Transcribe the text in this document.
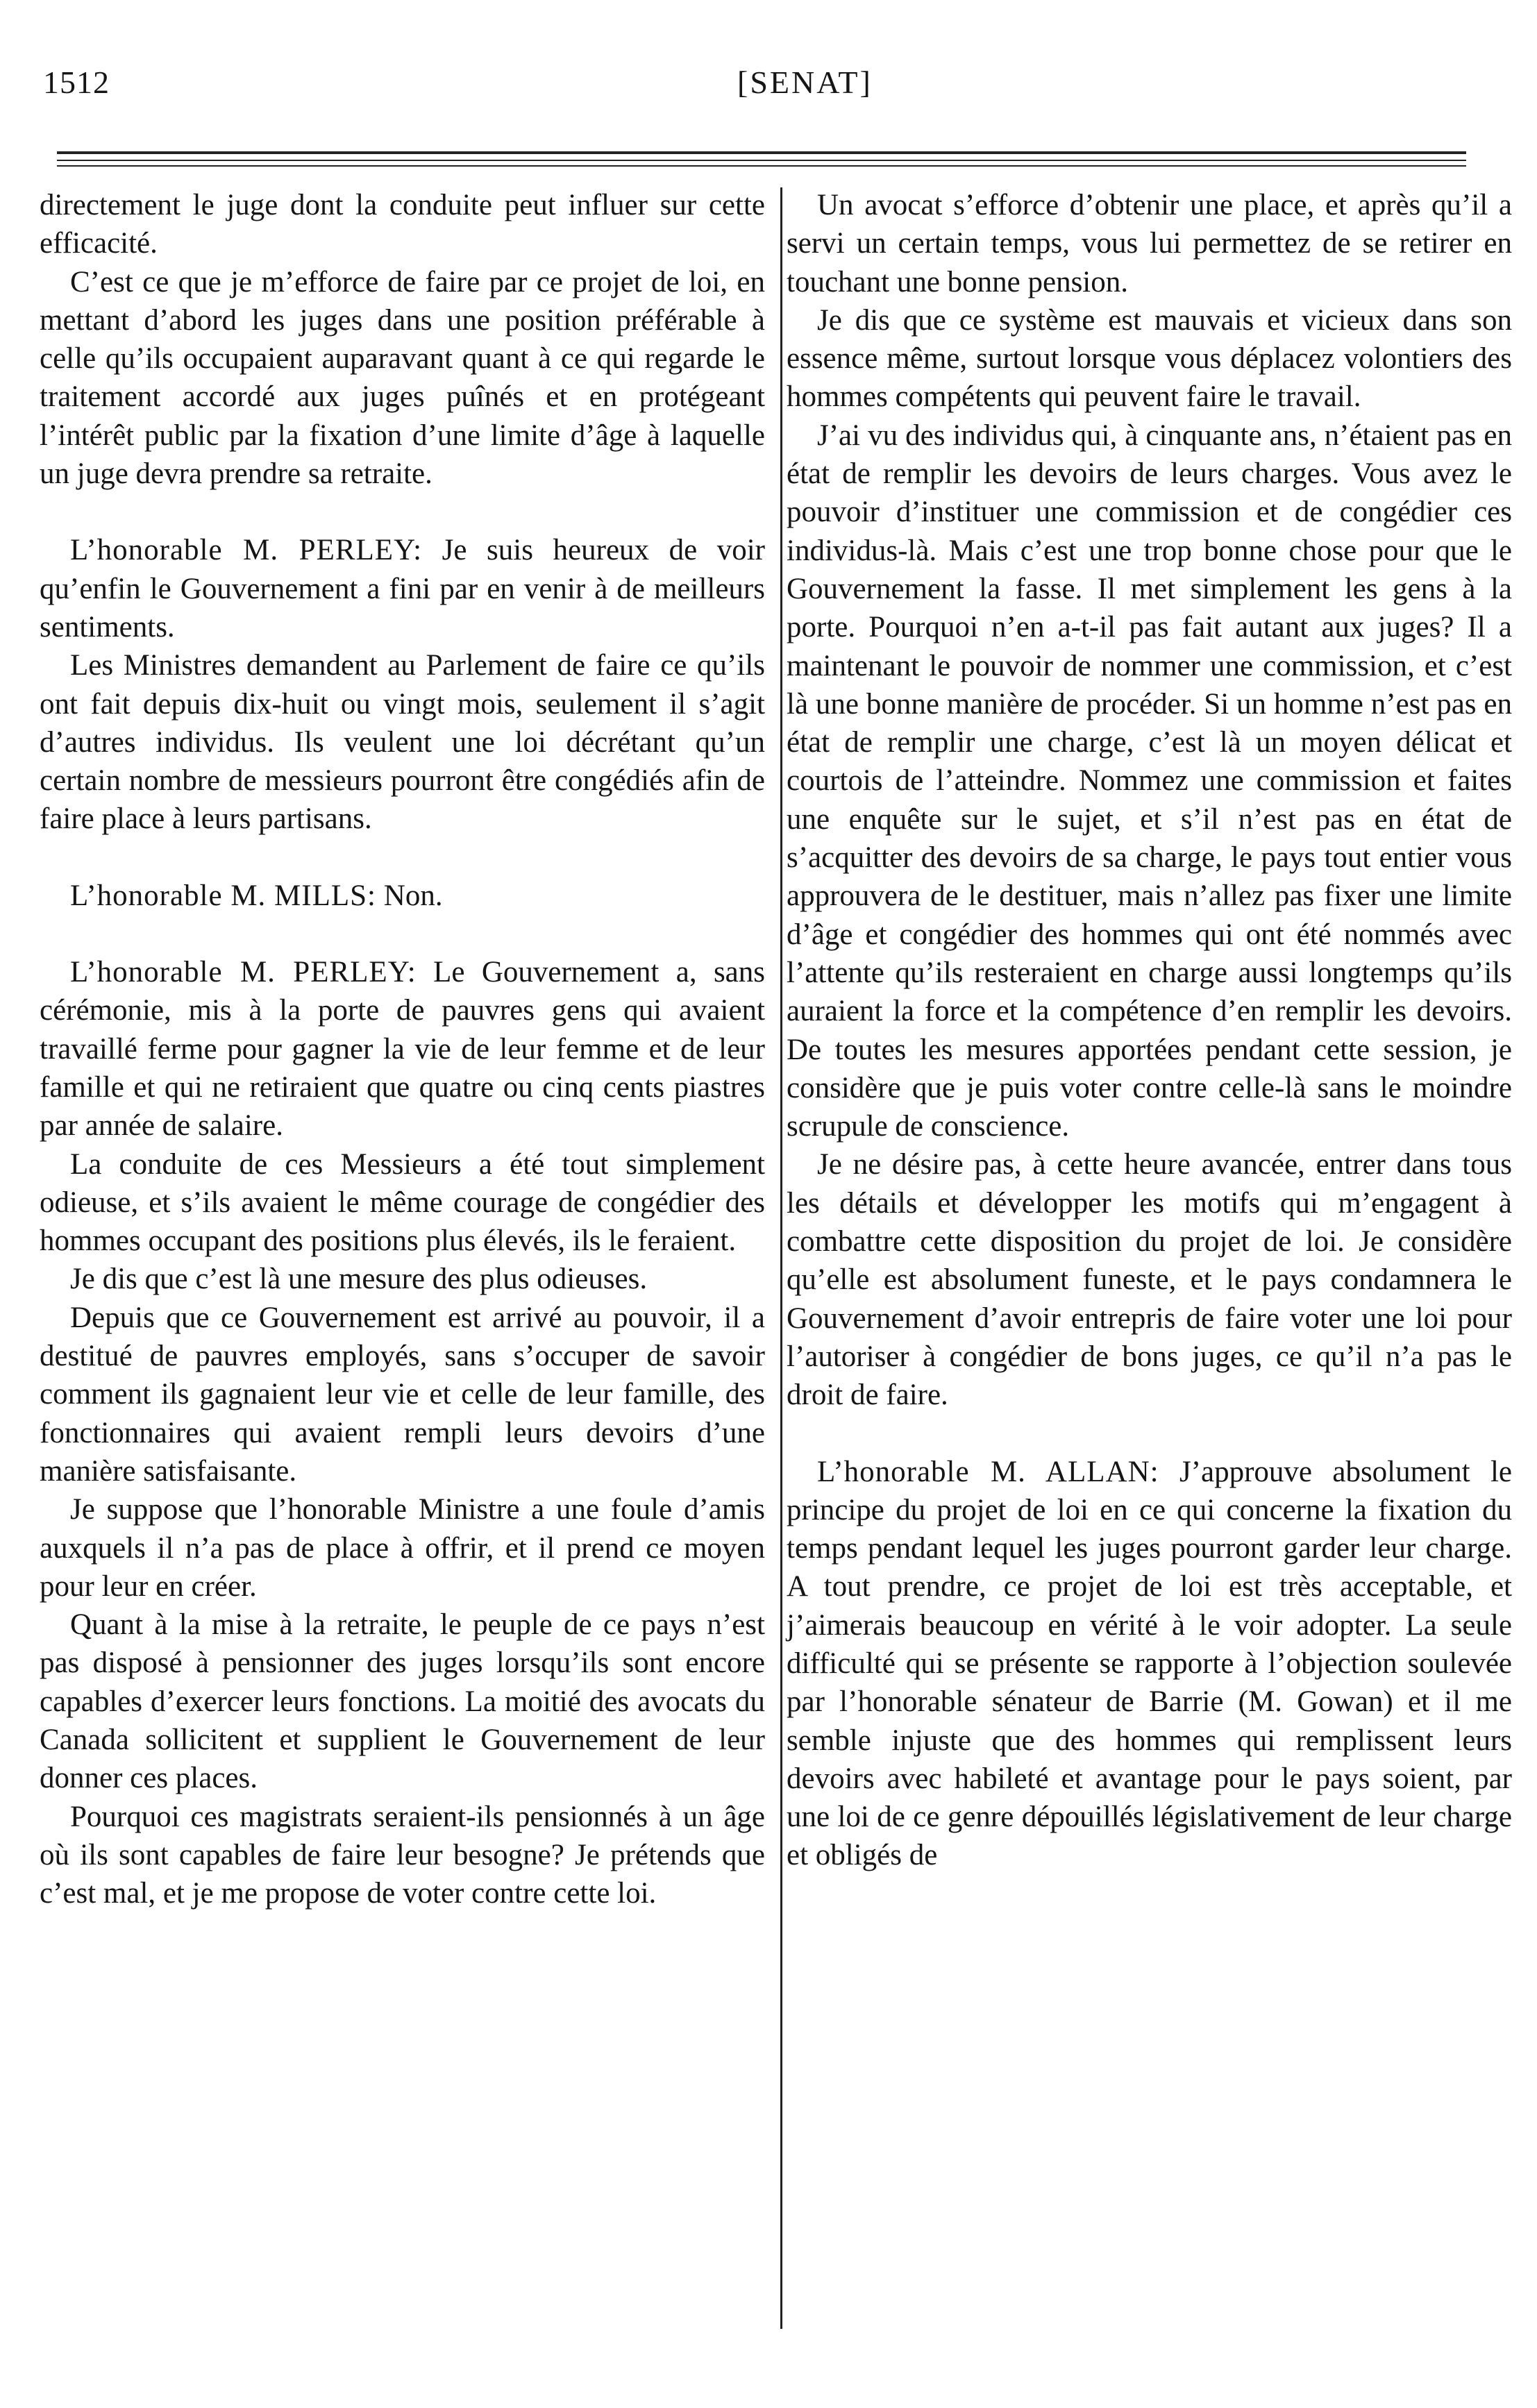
1512	[SENAT]

directement le juge dont la conduite peut influer sur cette efficacité.

C’est ce que je m’efforce de faire par ce projet de loi, en mettant d’abord les juges dans une position préférable à celle qu’ils occupaient auparavant quant à ce qui regarde le traitement accordé aux juges puînés et en protégeant l’intérêt public par la fixation d’une limite d’âge à laquelle un juge devra prendre sa retraite.

L’honorable M. PERLEY: Je suis heureux de voir qu’enfin le Gouvernement a fini par en venir à de meilleurs sentiments.

Les Ministres demandent au Parlement de faire ce qu’ils ont fait depuis dix-huit ou vingt mois, seulement il s’agit d’autres individus. Ils veulent une loi décrétant qu’un certain nombre de messieurs pourront être congédiés afin de faire place à leurs partisans.

L’honorable M. MILLS: Non.

L’honorable M. PERLEY: Le Gouvernement a, sans cérémonie, mis à la porte de pauvres gens qui avaient travaillé ferme pour gagner la vie de leur femme et de leur famille et qui ne retiraient que quatre ou cinq cents piastres par année de salaire.

La conduite de ces Messieurs a été tout simplement odieuse, et s’ils avaient le même courage de congédier des hommes occupant des positions plus élevés, ils le feraient.

Je dis que c’est là une mesure des plus odieuses.

Depuis que ce Gouvernement est arrivé au pouvoir, il a destitué de pauvres employés, sans s’occuper de savoir comment ils gagnaient leur vie et celle de leur famille, des fonctionnaires qui avaient rempli leurs devoirs d’une manière satisfaisante.

Je suppose que l’honorable Ministre a une foule d’amis auxquels il n’a pas de place à offrir, et il prend ce moyen pour leur en créer.

Quant à la mise à la retraite, le peuple de ce pays n’est pas disposé à pensionner des juges lorsqu’ils sont encore capables d’exercer leurs fonctions. La moitié des avocats du Canada sollicitent et supplient le Gouvernement de leur donner ces places.

Pourquoi ces magistrats seraient-ils pensionnés à un âge où ils sont capables de faire leur besogne? Je prétends que c’est mal, et je me propose de voter contre cette loi.

Un avocat s’efforce d’obtenir une place, et après qu’il a servi un certain temps, vous lui permettez de se retirer en touchant une bonne pension.

Je dis que ce système est mauvais et vicieux dans son essence même, surtout lorsque vous déplacez volontiers des hommes compétents qui peuvent faire le travail.

J’ai vu des individus qui, à cinquante ans, n’étaient pas en état de remplir les devoirs de leurs charges. Vous avez le pouvoir d’instituer une commission et de congédier ces individus-là. Mais c’est une trop bonne chose pour que le Gouvernement la fasse. Il met simplement les gens à la porte. Pourquoi n’en a-t-il pas fait autant aux juges? Il a maintenant le pouvoir de nommer une commission, et c’est là une bonne manière de procéder. Si un homme n’est pas en état de remplir une charge, c’est là un moyen délicat et courtois de l’atteindre. Nommez une commission et faites une enquête sur le sujet, et s’il n’est pas en état de s’acquitter des devoirs de sa charge, le pays tout entier vous approuvera de le destituer, mais n’allez pas fixer une limite d’âge et congédier des hommes qui ont été nommés avec l’attente qu’ils resteraient en charge aussi longtemps qu’ils auraient la force et la compétence d’en remplir les devoirs. De toutes les mesures apportées pendant cette session, je considère que je puis voter contre celle-là sans le moindre scrupule de conscience.

Je ne désire pas, à cette heure avancée, entrer dans tous les détails et développer les motifs qui m’engagent à combattre cette disposition du projet de loi. Je considère qu’elle est absolument funeste, et le pays condamnera le Gouvernement d’avoir entrepris de faire voter une loi pour l’autoriser à congédier de bons juges, ce qu’il n’a pas le droit de faire.

L’honorable M. ALLAN: J’approuve absolument le principe du projet de loi en ce qui concerne la fixation du temps pendant lequel les juges pourront garder leur charge. A tout prendre, ce projet de loi est très acceptable, et j’aimerais beaucoup en vérité à le voir adopter. La seule difficulté qui se présente se rapporte à l’objection soulevée par l’honorable sénateur de Barrie (M. Gowan) et il me semble injuste que des hommes qui remplissent leurs devoirs avec habileté et avantage pour le pays soient, par une loi de ce genre dépouillés législativement de leur charge et obligés de
